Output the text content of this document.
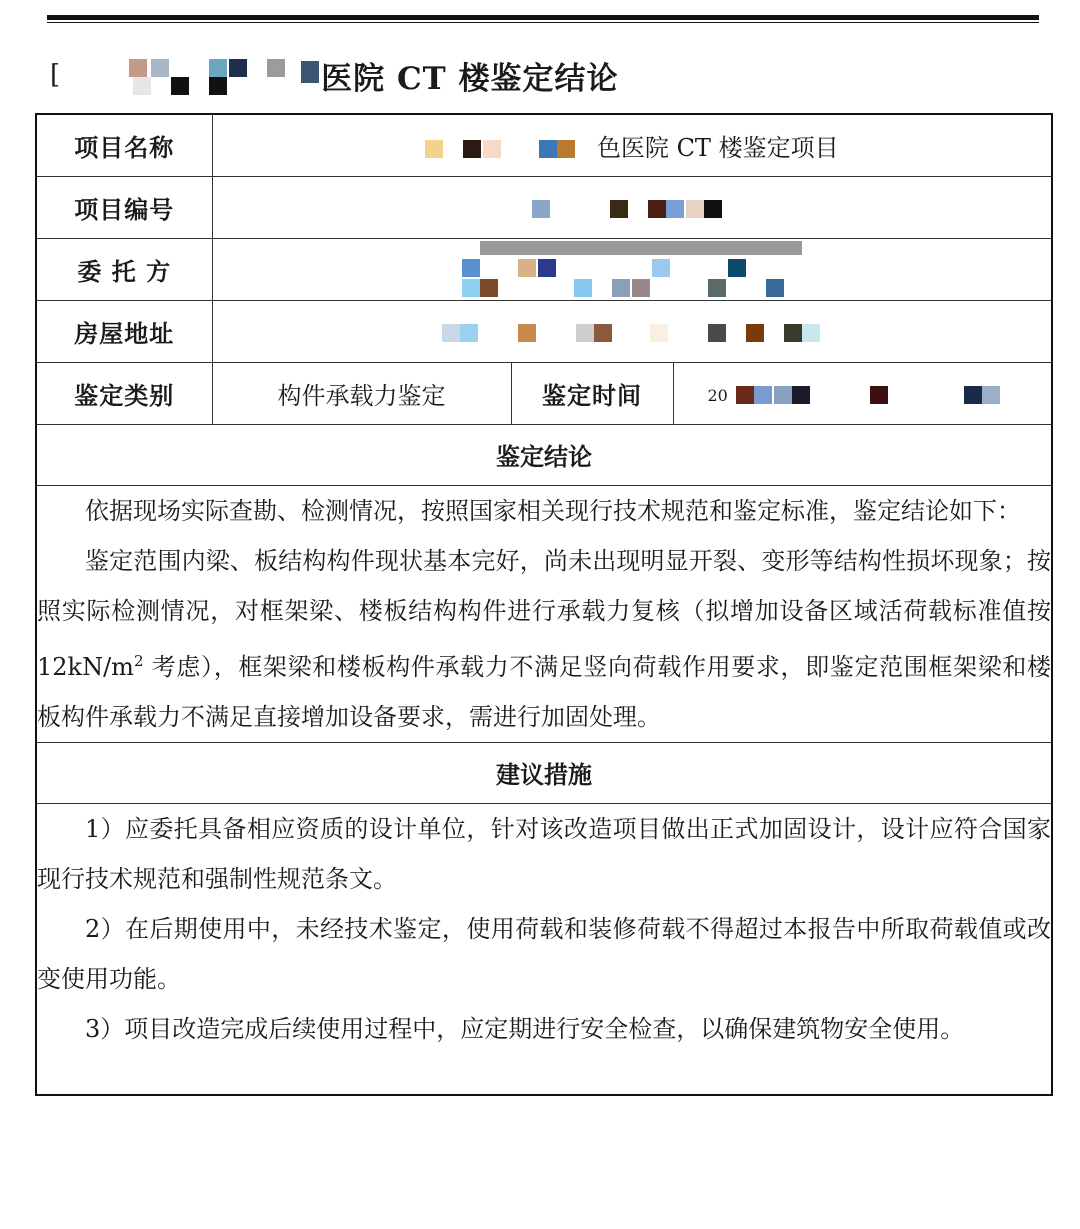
[	医院 CT 楼鉴定结论
项目名称	色医院 CT 楼鉴定项目		
项目编号			

委 托 方			

房屋地址			

鉴定类别	构件承载力鉴定	鉴定时间	20

鉴定结论			

依据现场实际查勘、检测情况，按照国家相关现行技术规范和鉴定标准，鉴定结论如下：

鉴定范围内梁、板结构构件现状基本完好，尚未出现明显开裂、变形等结构性损坏现象；按照实际检测情况，对框架梁、楼板结构构件进行承载力复核（拟增加设备区域活荷载标准值按 $12kN/m^2$ 考虑），框架梁和楼板构件承载力不满足竖向荷载作用要求，即鉴定范围框架梁和楼板构件承载力不满足直接增加设备要求，需进行加固处理。			

建议措施			

1）应委托具备相应资质的设计单位，针对该改造项目做出正式加固设计，设计应符合国家现行技术规范和强制性规范条文。

2）在后期使用中，未经技术鉴定，使用荷载和装修荷载不得超过本报告中所取荷载值或改变使用功能。

3）项目改造完成后续使用过程中，应定期进行安全检查，以确保建筑物安全使用。			
